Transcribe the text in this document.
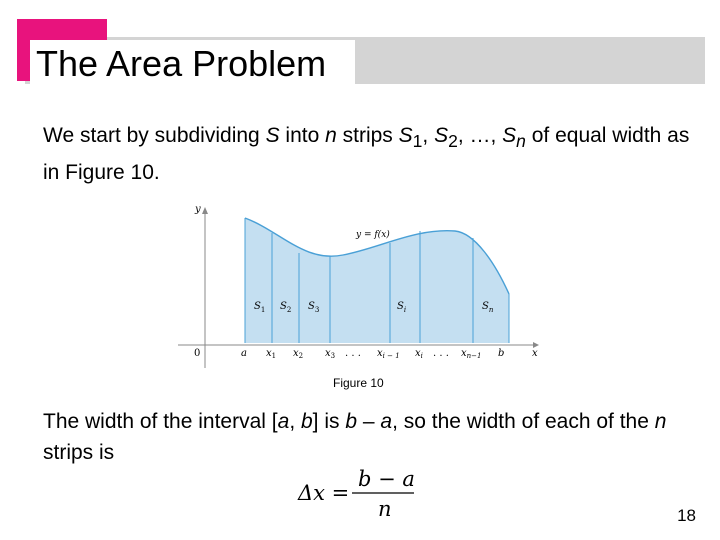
The Area Problem

We start by subdividing S into n strips $S_1$, $S_2$, …, $S_n$ of equal width as in Figure 10.

y
x
0
y = f(x)
$S_1$ $S_2$ $S_3$	$S_i$	$S_n$
a $x_1$ $x_2$ $x_3$ . . . $x_{i - 1}$ $x_i$ . . . $x_{n-1}$ b
Figure 10

The width of the interval [a, b] is b – a, so the width of each of the n strips is

Δx =
b − a
n	18
